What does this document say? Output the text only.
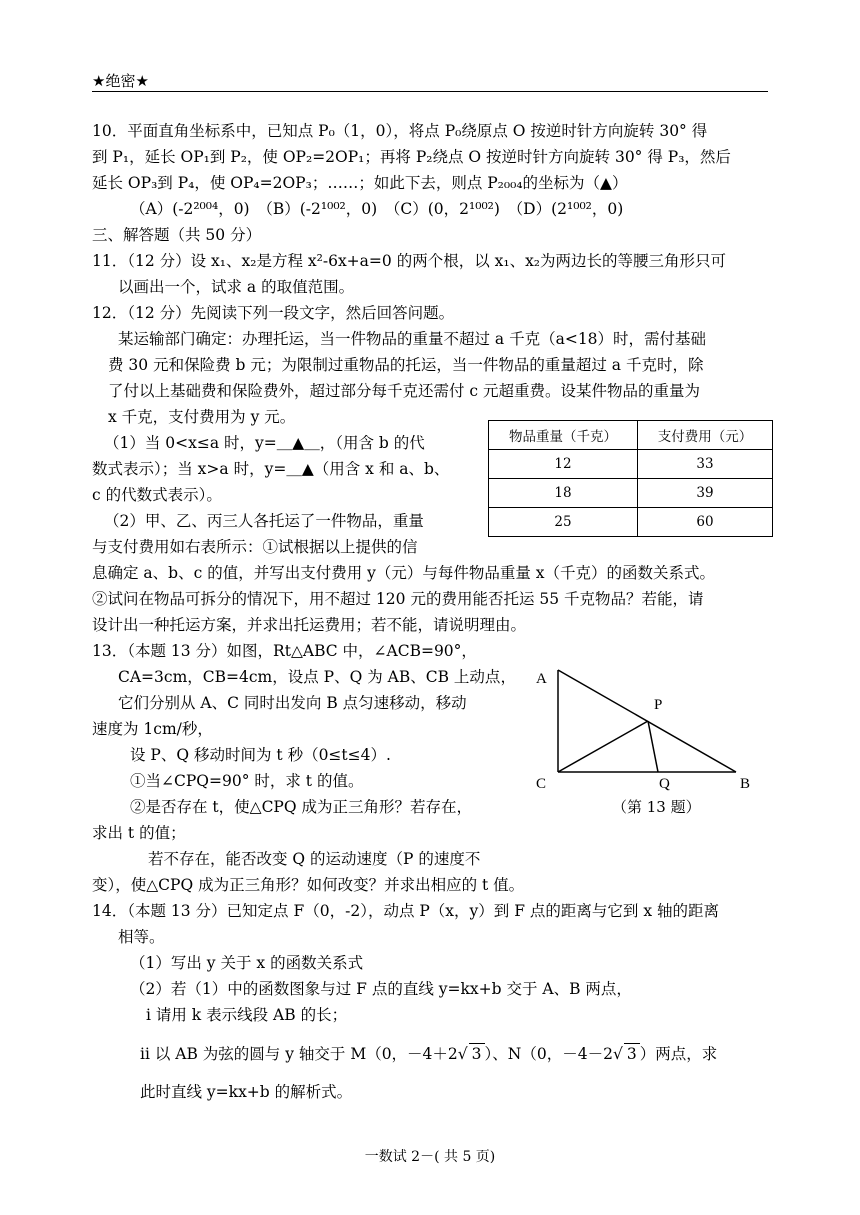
★绝密★
10．平面直角坐标系中，已知点 P₀（1，0），将点 P₀绕原点 O 按逆时针方向旋转 30° 得
到 P₁，延长 OP₁到 P₂，使 OP₂=2OP₁；再将 P₂绕点 O 按逆时针方向旋转 30° 得 P₃，然后
延长 OP₃到 P₄，使 OP₄=2OP₃；……；如此下去，则点 P₂₀₀₄的坐标为（▲）
（A）(-2²⁰⁰⁴，0)　（B）(-2¹⁰⁰²，0)　（C）(0，2¹⁰⁰²)　（D）(2¹⁰⁰²，0)
三、解答题（共 50 分）
11．（12 分）设 x₁、x₂是方程 x²-6x+a=0 的两个根，以 x₁、x₂为两边长的等腰三角形只可
以画出一个，试求 a 的取值范围。
12．（12 分）先阅读下列一段文字，然后回答问题。
某运输部门确定：办理托运，当一件物品的重量不超过 a 千克（a<18）时，需付基础
费 30 元和保险费 b 元；为限制过重物品的托运，当一件物品的重量超过 a 千克时，除
了付以上基础费和保险费外，超过部分每千克还需付 c 元超重费。设某件物品的重量为
x 千克，支付费用为 y 元。
（1）当 0<x≤a 时，y=＿▲＿，（用含 b 的代
数式表示）；当 x>a 时，y=＿▲（用含 x 和 a、b、
c 的代数式表示）。
（2）甲、乙、丙三人各托运了一件物品，重量
与支付费用如右表所示：①试根据以上提供的信
息确定 a、b、c 的值，并写出支付费用 y（元）与每件物品重量 x（千克）的函数关系式。
②试问在物品可拆分的情况下，用不超过 120 元的费用能否托运 55 千克物品？若能，请
设计出一种托运方案，并求出托运费用；若不能，请说明理由。
物品重量（千克）	支付费用（元）
12	33
18	39
25	60
13．（本题 13 分）如图，Rt△ABC 中，∠ACB=90°，
CA=3cm，CB=4cm，设点 P、Q 为 AB、CB 上动点，
它们分别从 A、C 同时出发向 B 点匀速移动，移动
速度为 1cm/秒，
设 P、Q 移动时间为 t 秒（0≤t≤4）.
①当∠CPQ=90° 时，求 t 的值。
②是否存在 t，使△CPQ 成为正三角形？若存在，
求出 t 的值；
若不存在，能否改变 Q 的运动速度（P 的速度不
变），使△CPQ 成为正三角形？如何改变？并求出相应的 t 值。
A
P
C	Q	B
（第 13 题）
14．（本题 13 分）已知定点 F（0，-2），动点 P（x，y）到 F 点的距离与它到 x 轴的距离
相等。
（1）写出 y 关于 x 的函数关系式
（2）若（1）中的函数图象与过 F 点的直线 y=kx+b 交于 A、B 两点，
ⅰ 请用 k 表示线段 AB 的长；
ⅱ 以 AB 为弦的圆与 y 轴交于 M（0，－4＋2√ 3 ）、N（0，－4－2√ 3 ）两点，求
此时直线 y=kx+b 的解析式。
一数试 2－( 共 5 页)
